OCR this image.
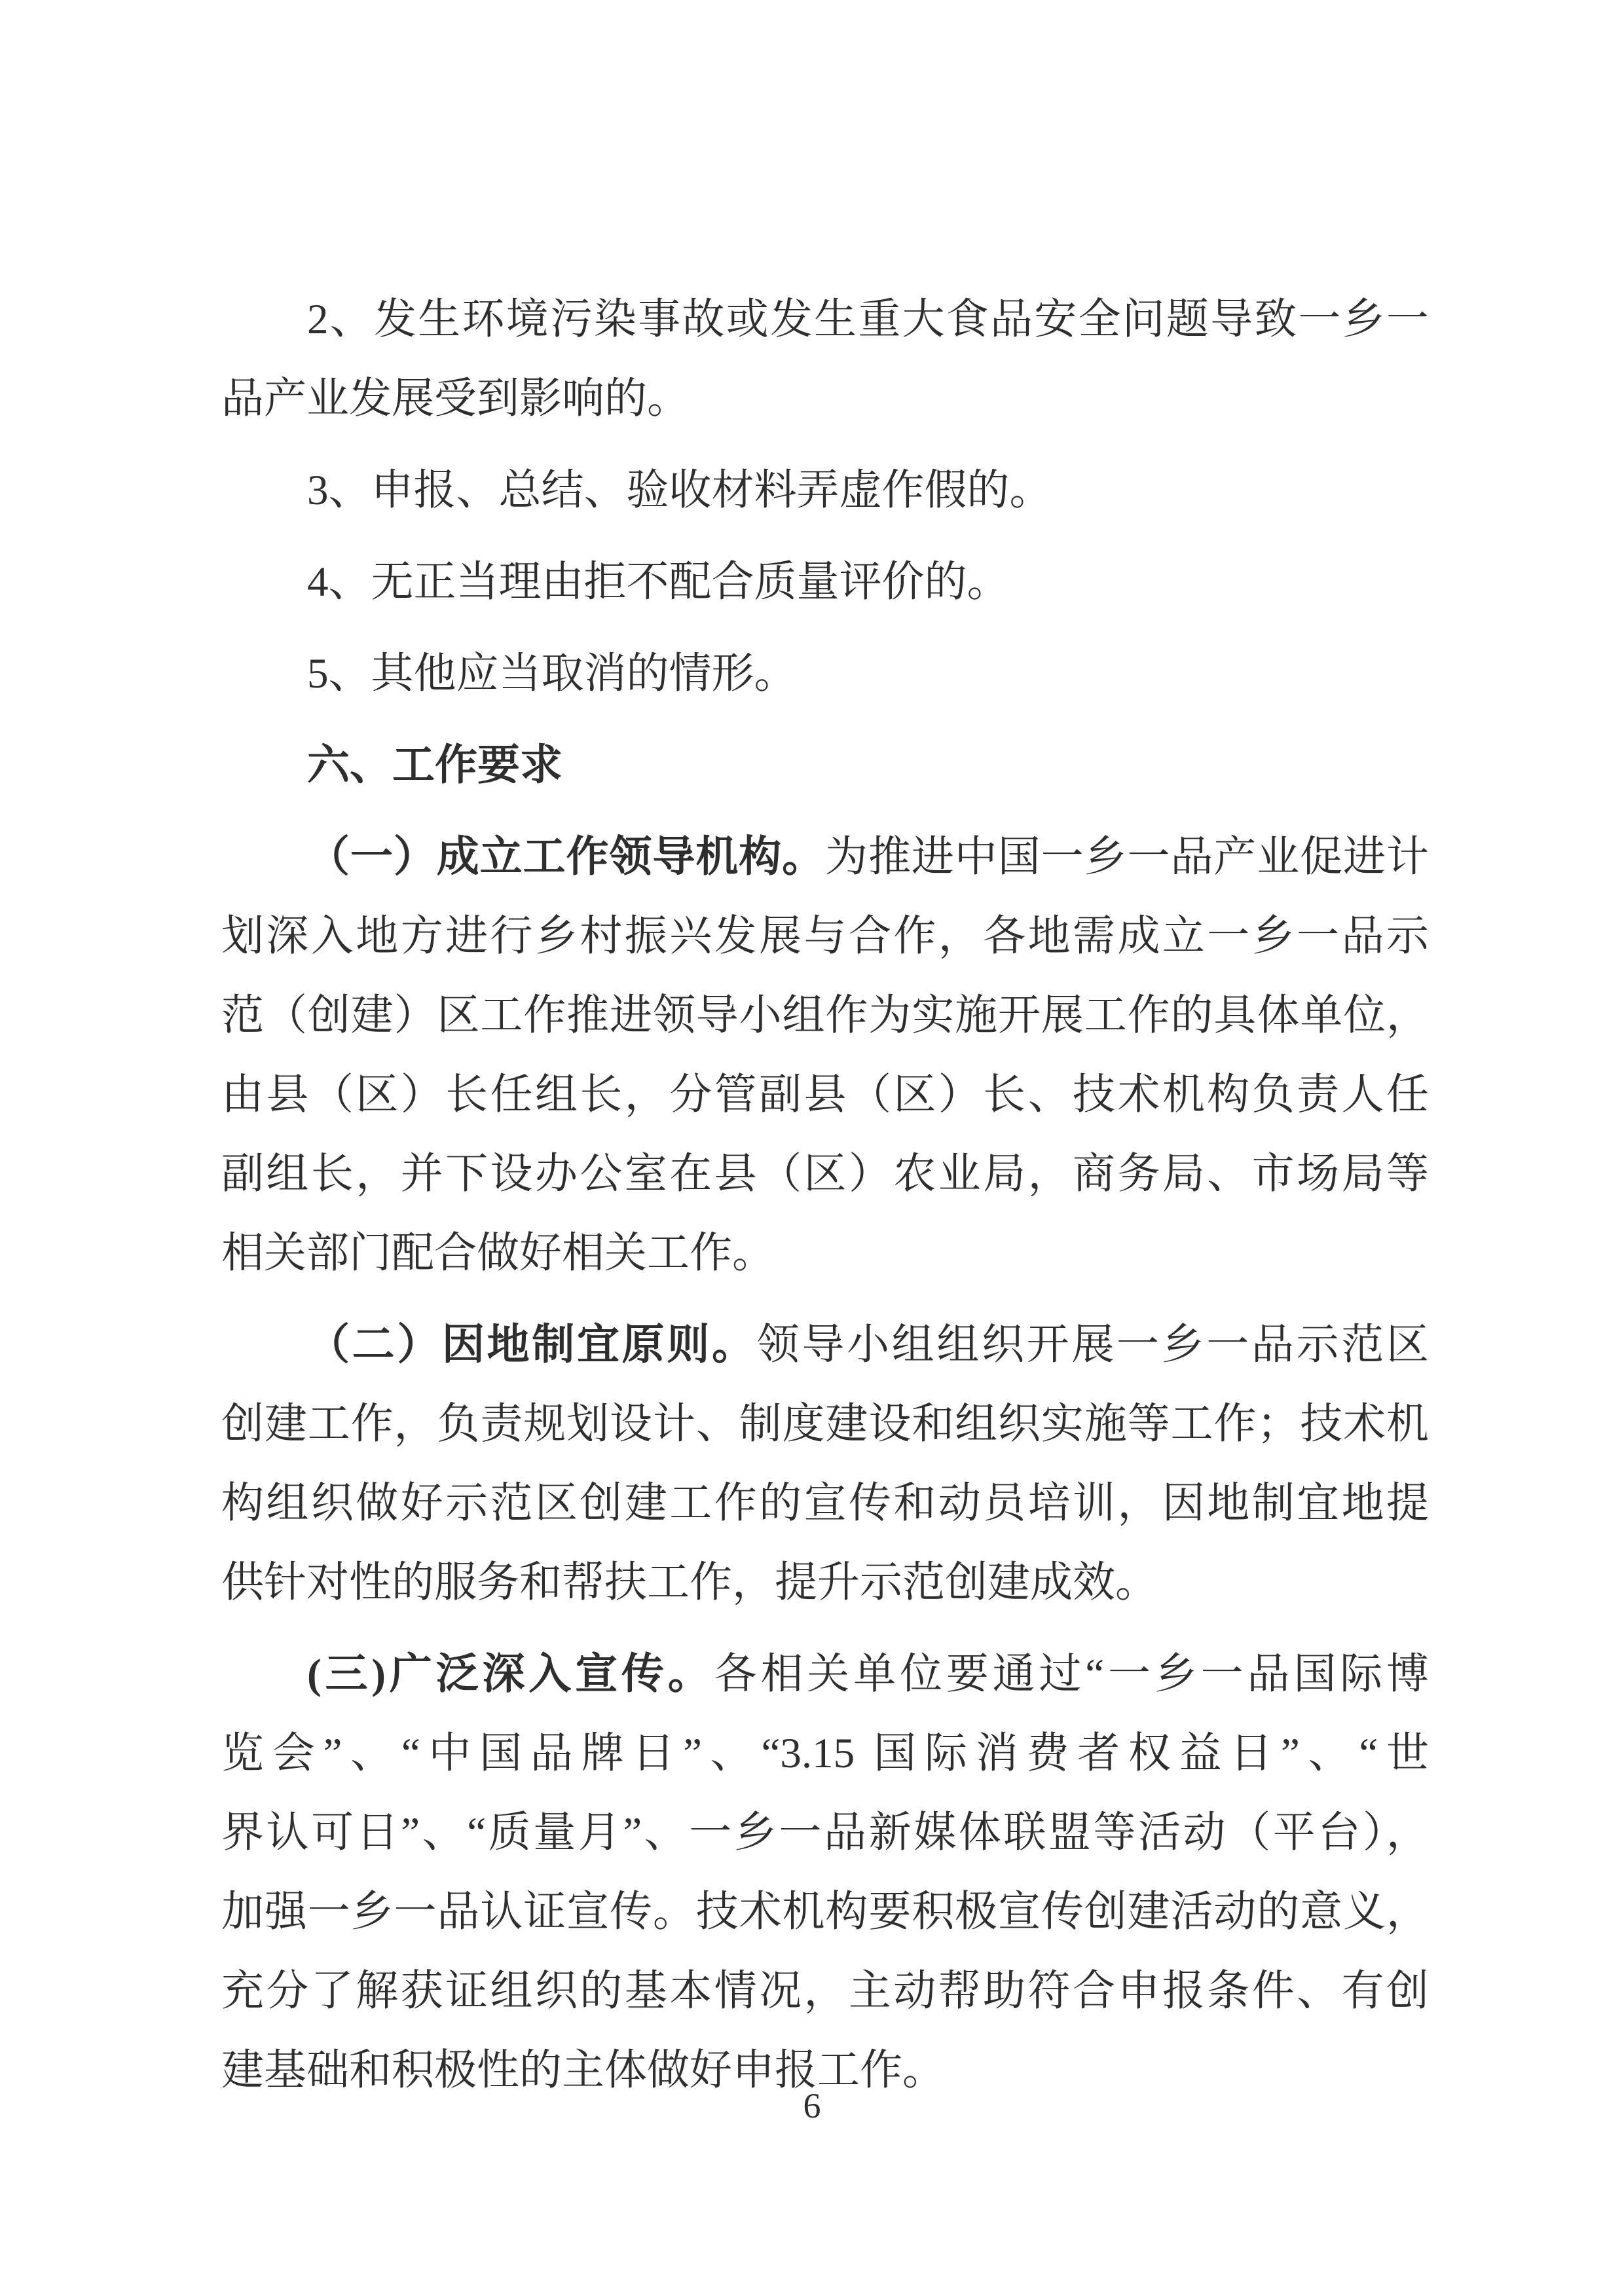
2、发生环境污染事故或发生重大食品安全问题导致一乡一
品产业发展受到影响的。
3、申报、总结、验收材料弄虚作假的。
4、无正当理由拒不配合质量评价的。
5、其他应当取消的情形。
六、工作要求
（一）成立工作领导机构。为推进中国一乡一品产业促进计
划深入地方进行乡村振兴发展与合作，各地需成立一乡一品示
范（创建）区工作推进领导小组作为实施开展工作的具体单位，
由县（区）长任组长，分管副县（区）长、技术机构负责人任
副组长，并下设办公室在县（区）农业局，商务局、市场局等
相关部门配合做好相关工作。
（二）因地制宜原则。领导小组组织开展一乡一品示范区
创建工作，负责规划设计、制度建设和组织实施等工作；技术机
构组织做好示范区创建工作的宣传和动员培训，因地制宜地提
供针对性的服务和帮扶工作，提升示范创建成效。
(三)广泛深入宣传。各相关单位要通过“一乡一品国际博
览会”、“中国品牌日”、“3.15 国际消费者权益日”、“世
界认可日”、“质量月”、一乡一品新媒体联盟等活动（平台），
加强一乡一品认证宣传。技术机构要积极宣传创建活动的意义，
充分了解获证组织的基本情况，主动帮助符合申报条件、有创
建基础和积极性的主体做好申报工作。
6
